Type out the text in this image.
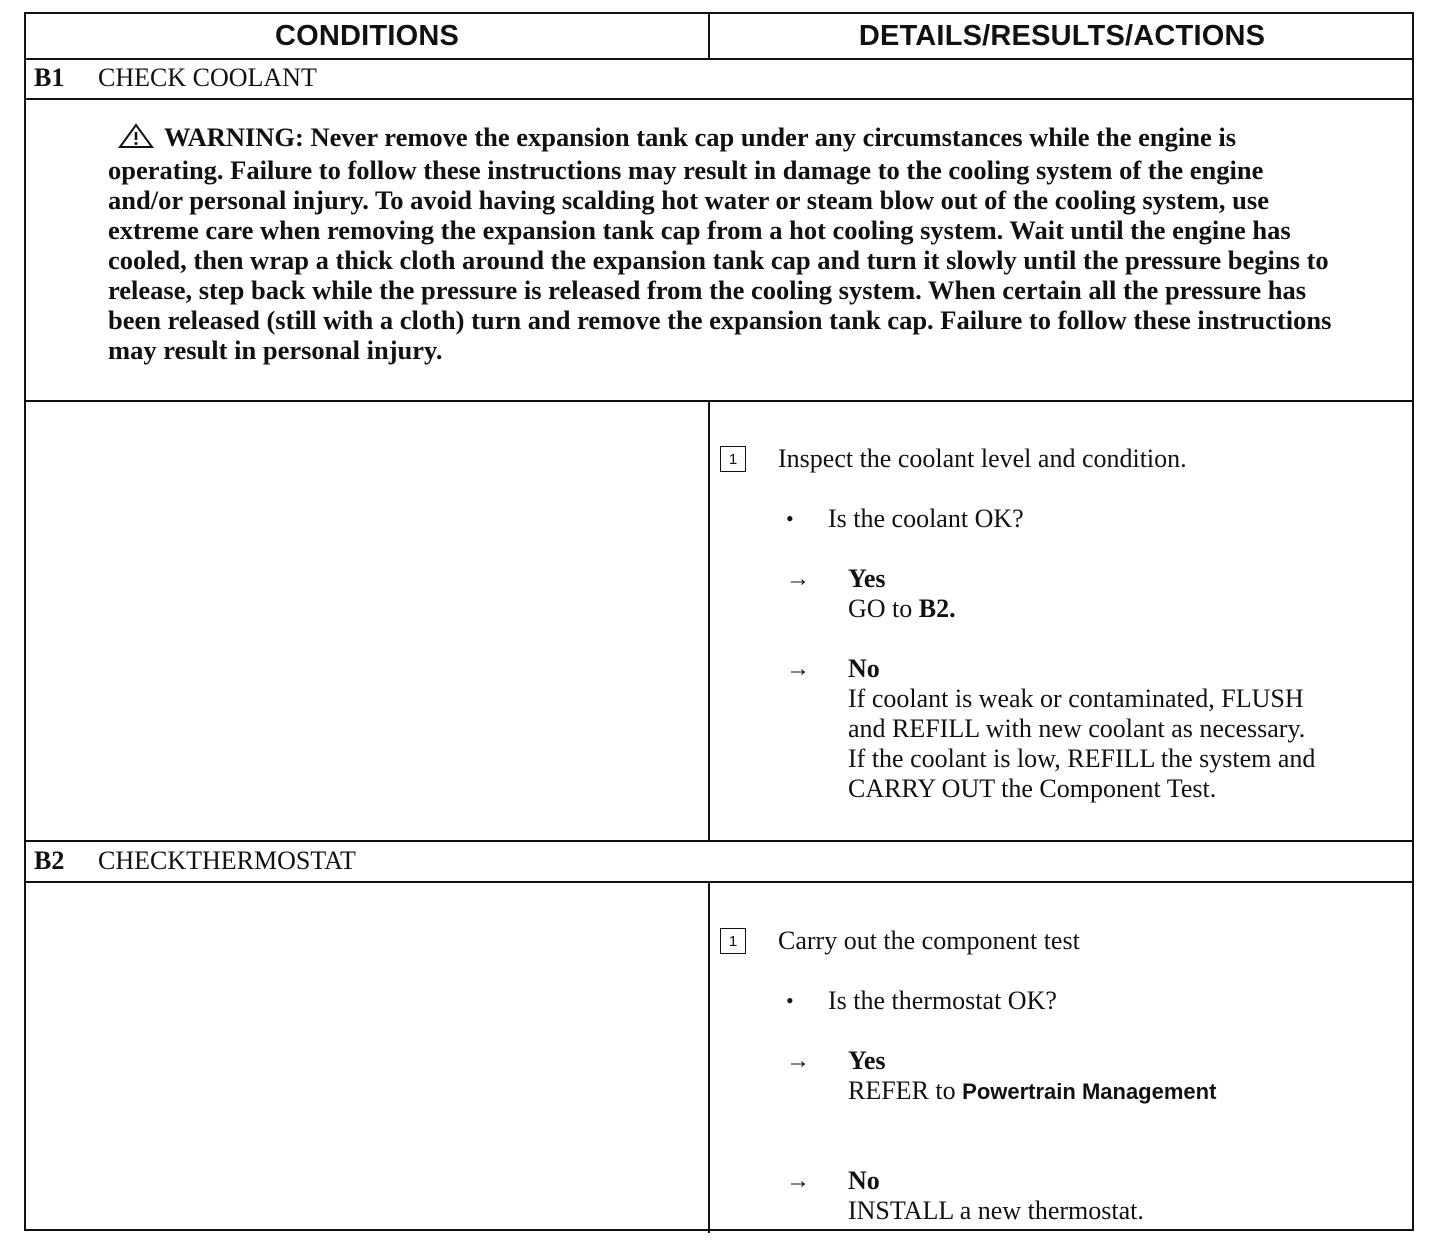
CONDITIONS	DETAILS/RESULTS/ACTIONS
B1	CHECK COOLANT
WARNING: Never remove the expansion tank cap under any circumstances while the engine is operating. Failure to follow these instructions may result in damage to the cooling system of the engine and/or personal injury. To avoid having scalding hot water or steam blow out of the cooling system, use extreme care when removing the expansion tank cap from a hot cooling system. Wait until the engine has cooled, then wrap a thick cloth around the expansion tank cap and turn it slowly until the pressure begins to release, step back while the pressure is released from the cooling system. When certain all the pressure has been released (still with a cloth) turn and remove the expansion tank cap. Failure to follow these instructions may result in personal injury.
1	Inspect the coolant level and condition.
• Is the coolant OK?
→ Yes
GO to B2.
→ No
If coolant is weak or contaminated, FLUSH
and REFILL with new coolant as necessary.
If the coolant is low, REFILL the system and
CARRY OUT the Component Test.
B2	CHECKTHERMOSTAT
1	Carry out the component test
• Is the thermostat OK?
→ Yes
REFER to Powertrain Management
→ No
INSTALL a new thermostat.
